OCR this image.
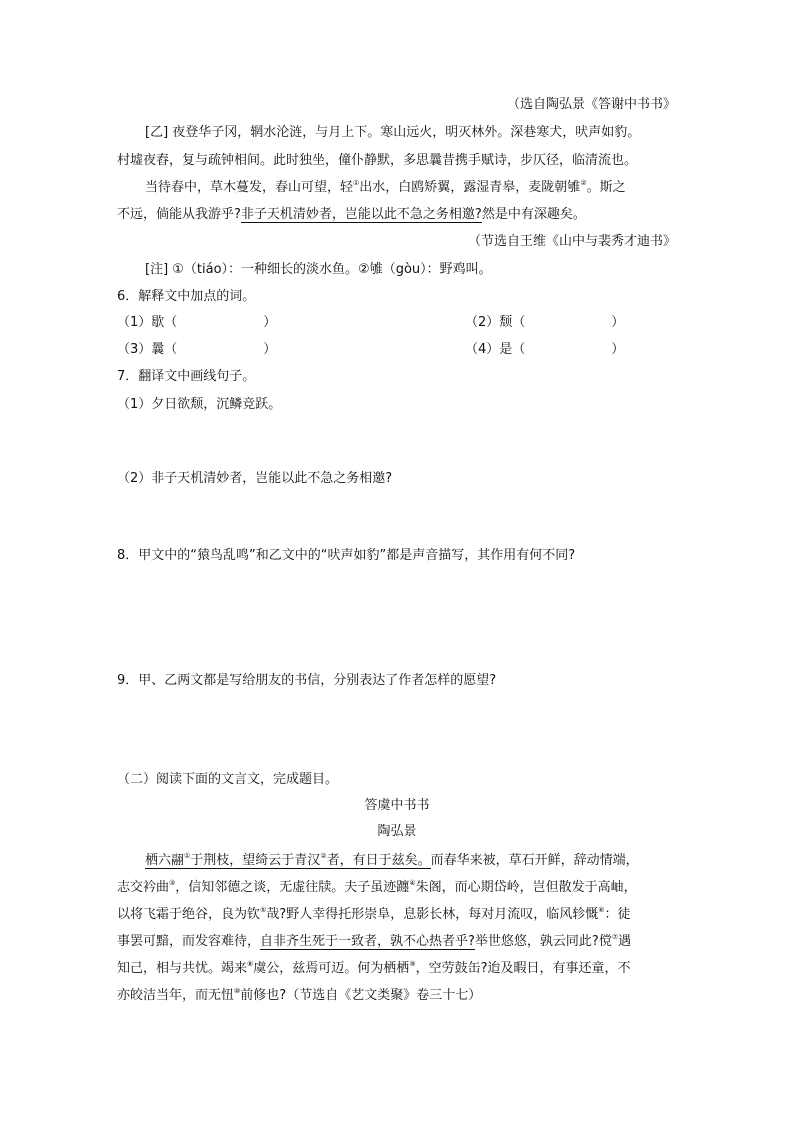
（选自陶弘景《答谢中书书》
[乙] 夜登华子冈，辋水沦涟，与月上下。寒山远火，明灭林外。深巷寒犬，吠声如豹。
村墟夜舂，复与疏钟相间。此时独坐，僮仆静默，多思曩昔携手赋诗，步仄径，临清流也。
当待春中，草木蔓发，春山可望，轻①出水，白鸥矫翼，露湿青皋，麦陇朝雊②。斯之
不远，倘能从我游乎?非子天机清妙者，岂能以此不急之务相邀?然是中有深趣矣。
（节选自王维《山中与裴秀才迪书》
[注] ①（tiáo）：一种细长的淡水鱼。②雊（gòu）：野鸡叫。
6．解释文中加点的词。
（1）歇（	）	（2）颓（	）
（3）曩（	）	（4）是（	）
7．翻译文中画线句子。
（1）夕日欲颓，沉鳞竞跃。
（2）非子天机清妙者，岂能以此不急之务相邀?
8．甲文中的“猿鸟乱鸣”和乙文中的“吠声如豹”都是声音描写，其作用有何不同?
9．甲、乙两文都是写给朋友的书信，分别表达了作者怎样的愿望?
（二）阅读下面的文言文，完成题目。
答虞中书书
陶弘景
栖六翮①于荆枝，望绮云于青汉②者，有日于兹矣。而春华来被，草石开鲜，辞动情端，
志交衿曲③，信知邻德之谈，无虚往牍。夫子虽迹躔④朱阁，而心期岱岭，岂但散发于高岫，
以将飞霜于绝谷，良为钦⑤哉?野人幸得托形崇阜，息影长林，每对月流叹，临风轸慨⑥：徒
事罢可黯，而发容难待，自非齐生死于一致者，孰不心热者乎?举世悠悠，孰云同此?傥⑦遇
知己，相与共忧。竭来⑧虞公，兹焉可迈。何为栖栖⑨，空劳鼓缶?迨及暇日，有事还童，不
亦皎洁当年，而无忸⑩前修也?（节选自《艺文类聚》卷三十七）
